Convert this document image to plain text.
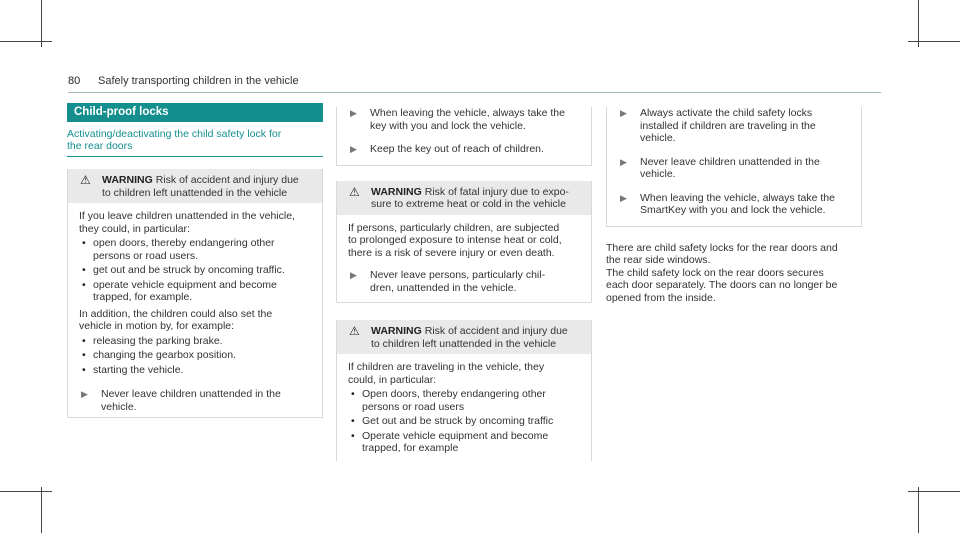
80 Safely transporting children in the vehicle
Child-proof locks

Activating/deactivating the child safety lock for
the rear doors

⚠ WARNING Risk of accident and injury due
to children left unattended in the vehicle

If you leave children unattended in the vehicle,
they could, in particular:

• open doors, thereby endangering other
persons or road users.
• get out and be struck by oncoming traffic.
• operate vehicle equipment and become
trapped, for example.

In addition, the children could also set the
vehicle in motion by, for example:

• releasing the parking brake.
• changing the gearbox position.
• starting the vehicle.
▶ Never leave children unattended in the
vehicle.
▶ When leaving the vehicle, always take the
key with you and lock the vehicle.
▶ Keep the key out of reach of children.
⚠ WARNING Risk of fatal injury due to expo-
sure to extreme heat or cold in the vehicle

If persons, particularly children, are subjected
to prolonged exposure to intense heat or cold,
there is a risk of severe injury or even death.

▶ Never leave persons, particularly chil-
dren, unattended in the vehicle.
⚠ WARNING Risk of accident and injury due
to children left unattended in the vehicle

If children are traveling in the vehicle, they
could, in particular:

• Open doors, thereby endangering other
persons or road users
• Get out and be struck by oncoming traffic
• Operate vehicle equipment and become
trapped, for example
▶ Always activate the child safety locks
installed if children are traveling in the
vehicle.
▶ Never leave children unattended in the
vehicle.
▶ When leaving the vehicle, always take the
SmartKey with you and lock the vehicle.

There are child safety locks for the rear doors and
the rear side windows.
The child safety lock on the rear doors secures
each door separately. The doors can no longer be
opened from the inside.
